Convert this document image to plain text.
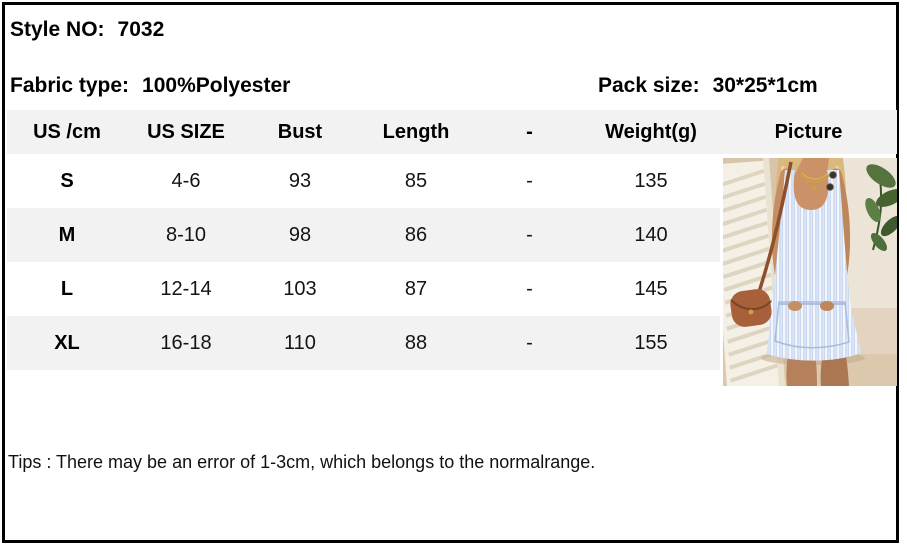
Style NO: 7032
Fabric type: 100%Polyester	Pack size: 30*25*1cm
US /cm	US SIZE	Bust	Length	-	Weight(g)	Picture
S	4-6	93	85	-	135
M	8-10	98	86	-	140
L	12-14	103	87	-	145
XL	16-18	110	88	-	155
Tips : There may be an error of 1-3cm, which belongs to the normalrange.
